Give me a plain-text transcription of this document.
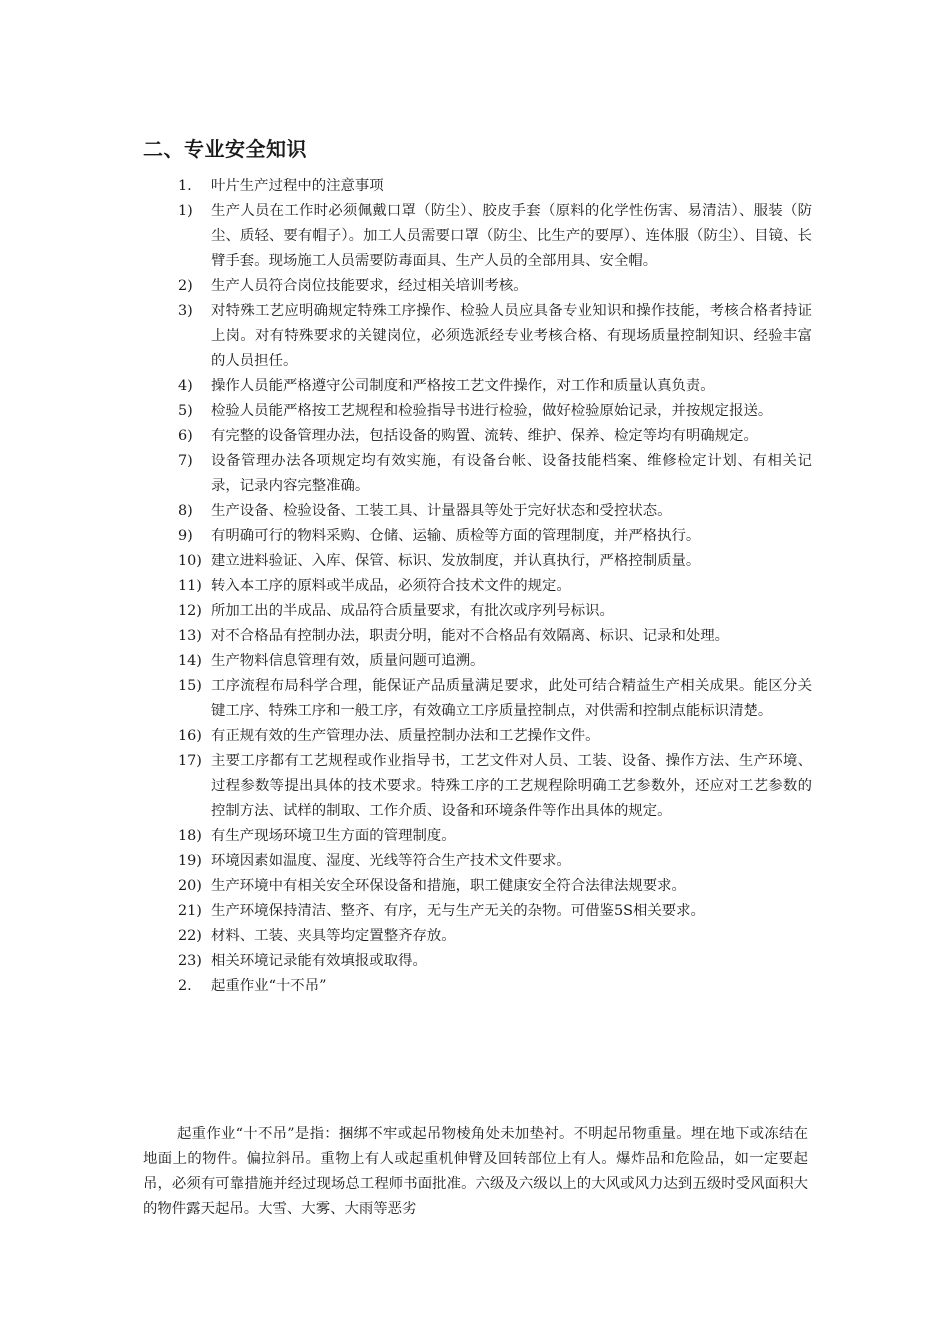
二、专业安全知识
1. 叶片生产过程中的注意事项
1) 生产人员在工作时必须佩戴口罩（防尘）、胶皮手套（原料的化学性伤害、易清洁）、服装（防尘、质轻、要有帽子）。加工人员需要口罩（防尘、比生产的要厚）、连体服（防尘）、目镜、长臂手套。现场施工人员需要防毒面具、生产人员的全部用具、安全帽。
2) 生产人员符合岗位技能要求，经过相关培训考核。
3) 对特殊工艺应明确规定特殊工序操作、检验人员应具备专业知识和操作技能，考核合格者持证上岗。对有特殊要求的关键岗位，必须选派经专业考核合格、有现场质量控制知识、经验丰富的人员担任。
4) 操作人员能严格遵守公司制度和严格按工艺文件操作，对工作和质量认真负责。
5) 检验人员能严格按工艺规程和检验指导书进行检验，做好检验原始记录，并按规定报送。
6) 有完整的设备管理办法，包括设备的购置、流转、维护、保养、检定等均有明确规定。
7) 设备管理办法各项规定均有效实施，有设备台帐、设备技能档案、维修检定计划、有相关记录，记录内容完整准确。
8) 生产设备、检验设备、工装工具、计量器具等处于完好状态和受控状态。
9) 有明确可行的物料采购、仓储、运输、质检等方面的管理制度，并严格执行。
10) 建立进料验证、入库、保管、标识、发放制度，并认真执行，严格控制质量。
11) 转入本工序的原料或半成品，必须符合技术文件的规定。
12) 所加工出的半成品、成品符合质量要求，有批次或序列号标识。
13) 对不合格品有控制办法，职责分明，能对不合格品有效隔离、标识、记录和处理。
14) 生产物料信息管理有效，质量问题可追溯。
15) 工序流程布局科学合理，能保证产品质量满足要求，此处可结合精益生产相关成果。能区分关键工序、特殊工序和一般工序，有效确立工序质量控制点，对供需和控制点能标识清楚。
16) 有正规有效的生产管理办法、质量控制办法和工艺操作文件。
17) 主要工序都有工艺规程或作业指导书，工艺文件对人员、工装、设备、操作方法、生产环境、过程参数等提出具体的技术要求。特殊工序的工艺规程除明确工艺参数外，还应对工艺参数的控制方法、试样的制取、工作介质、设备和环境条件等作出具体的规定。
18) 有生产现场环境卫生方面的管理制度。
19) 环境因素如温度、湿度、光线等符合生产技术文件要求。
20) 生产环境中有相关安全环保设备和措施，职工健康安全符合法律法规要求。
21) 生产环境保持清洁、整齐、有序，无与生产无关的杂物。可借鉴5S相关要求。
22) 材料、工装、夹具等均定置整齐存放。
23) 相关环境记录能有效填报或取得。
2. 起重作业“十不吊”
起重作业“十不吊”是指：捆绑不牢或起吊物棱角处未加垫衬。不明起吊物重量。埋在地下或冻结在地面上的物件。偏拉斜吊。重物上有人或起重机伸臂及回转部位上有人。爆炸品和危险品，如一定要起吊，必须有可靠措施并经过现场总工程师书面批准。六级及六级以上的大风或风力达到五级时受风面积大的物件露天起吊。大雪、大雾、大雨等恶劣
